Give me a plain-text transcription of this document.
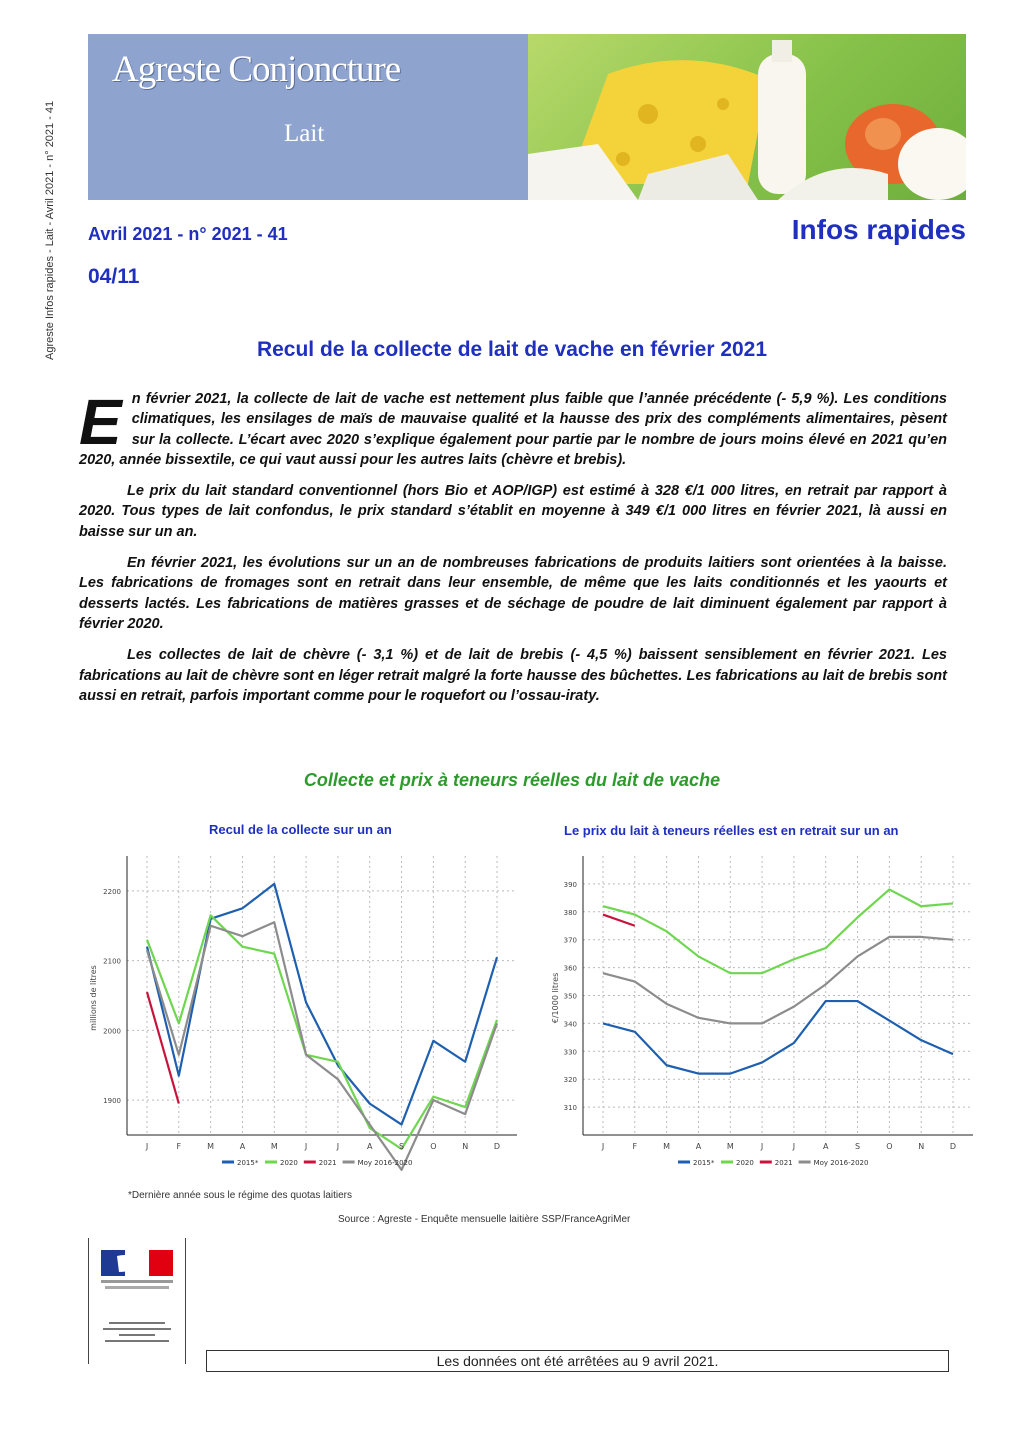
Agreste Infos rapides - Lait - Avril 2021 - n° 2021 - 41
Agreste Conjoncture
Lait
Avril 2021 - n° 2021 - 41
04/11
Infos rapides
Recul de la collecte de lait de vache en février 2021

En février 2021, la collecte de lait de vache est nettement plus faible que l’année précédente (- 5,9 %). Les conditions climatiques, les ensilages de maïs de mauvaise qualité et la hausse des prix des compléments alimentaires, pèsent sur la collecte. L’écart avec 2020 s’explique également pour partie par le nombre de jours moins élevé en 2021 qu’en 2020, année bissextile, ce qui vaut aussi pour les autres laits (chèvre et brebis).

Le prix du lait standard conventionnel (hors Bio et AOP/IGP) est estimé à 328 €/1 000 litres, en retrait par rapport à 2020. Tous types de lait confondus, le prix standard s’établit en moyenne à 349 €/1 000 litres en février 2021, là aussi en baisse sur un an.

En février 2021, les évolutions sur un an de nombreuses fabrications de produits laitiers sont orientées à la baisse. Les fabrications de fromages sont en retrait dans leur ensemble, de même que les laits conditionnés et les yaourts et desserts lactés. Les fabrications de matières grasses et de séchage de poudre de lait diminuent également par rapport à février 2020.

Les collectes de lait de chèvre (- 3,1 %) et de lait de brebis (- 4,5 %) baissent sensiblement en février 2021. Les fabrications au lait de chèvre sont en léger retrait malgré la forte hausse des bûchettes. Les fabrications au lait de brebis sont aussi en retrait, parfois important comme pour le roquefort ou l’ossau-iraty.

Collecte et prix à teneurs réelles du lait de vache
Recul de la collecte sur un an	Le prix du lait à teneurs réelles est en retrait sur un an
1900
2000
2100
2200
J	F	M	A	M	J	J	A	S	O	N	D
millions de litres
2015*	2020	2021	Moy 2016-2020
310
320
330
340
350
360
370
380
390
J	F	M	A	M	J	J	A	S	O	N	D
€/1000 litres
2015*	2020	2021	Moy 2016-2020
*Dernière année sous le régime des quotas laitiers
Source : Agreste - Enquête mensuelle laitière SSP/FranceAgriMer
Les données ont été arrêtées au 9 avril 2021.
